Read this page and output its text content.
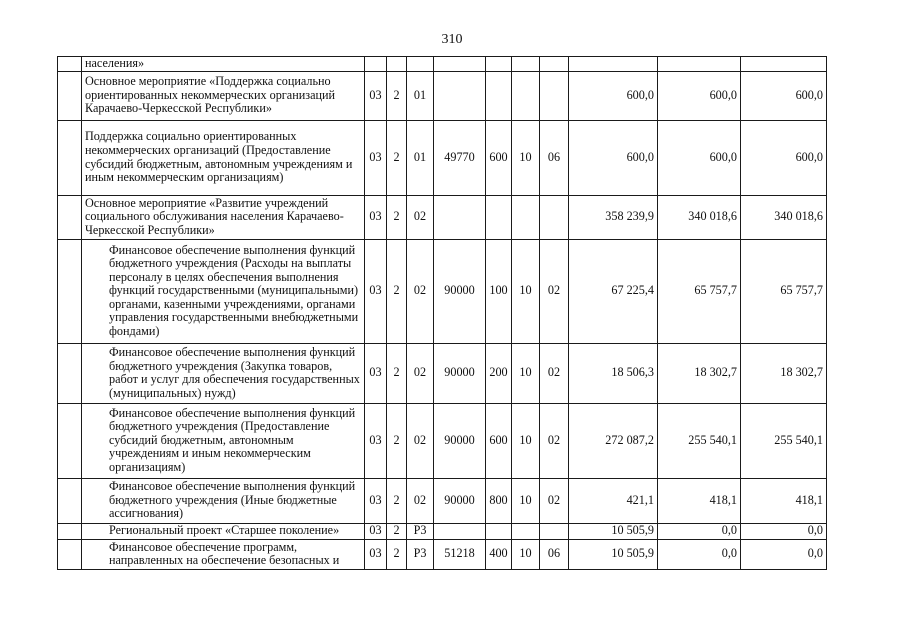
310
	населения»										
	Основное мероприятие «Поддержка социально ориентированных некоммерческих организаций Карачаево-Черкесской Республики»	03	2	01					600,0	600,0	600,0
	Поддержка социально ориентированных некоммерческих организаций (Предоставление субсидий бюджетным, автономным учреждениям и иным некоммерческим организациям)	03	2	01	49770	600	10	06	600,0	600,0	600,0
	Основное мероприятие «Развитие учреждений социального обслуживания населения Карачаево-Черкесской Республики»	03	2	02					358 239,9	340 018,6	340 018,6
	Финансовое обеспечение выполнения функций бюджетного учреждения (Расходы на выплаты персоналу в целях обеспечения выполнения функций государственными (муниципальными) органами, казенными учреждениями, органами управления государственными внебюджетными фондами)	03	2	02	90000	100	10	02	67 225,4	65 757,7	65 757,7
	Финансовое обеспечение выполнения функций бюджетного учреждения (Закупка товаров, работ и услуг для обеспечения государственных (муниципальных) нужд)	03	2	02	90000	200	10	02	18 506,3	18 302,7	18 302,7
	Финансовое обеспечение выполнения функций бюджетного учреждения (Предоставление субсидий бюджетным, автономным учреждениям и иным некоммерческим организациям)	03	2	02	90000	600	10	02	272 087,2	255 540,1	255 540,1
	Финансовое обеспечение выполнения функций бюджетного учреждения (Иные бюджетные ассигнования)	03	2	02	90000	800	10	02	421,1	418,1	418,1
	Региональный проект «Старшее поколение»	03	2	P3					10 505,9	0,0	0,0
	Финансовое обеспечение программ, направленных на обеспечение безопасных и	03	2	P3	51218	400	10	06	10 505,9	0,0	0,0
